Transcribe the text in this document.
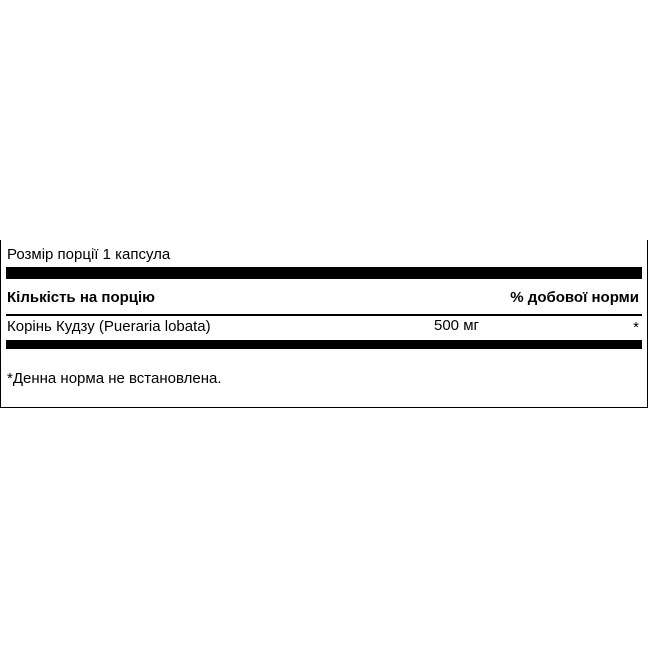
Розмір порції 1 капсула
Кількість на порцію	% добової норми
Корінь Кудзу (Pueraria lobata)	500 мг	*
*Денна норма не встановлена.
